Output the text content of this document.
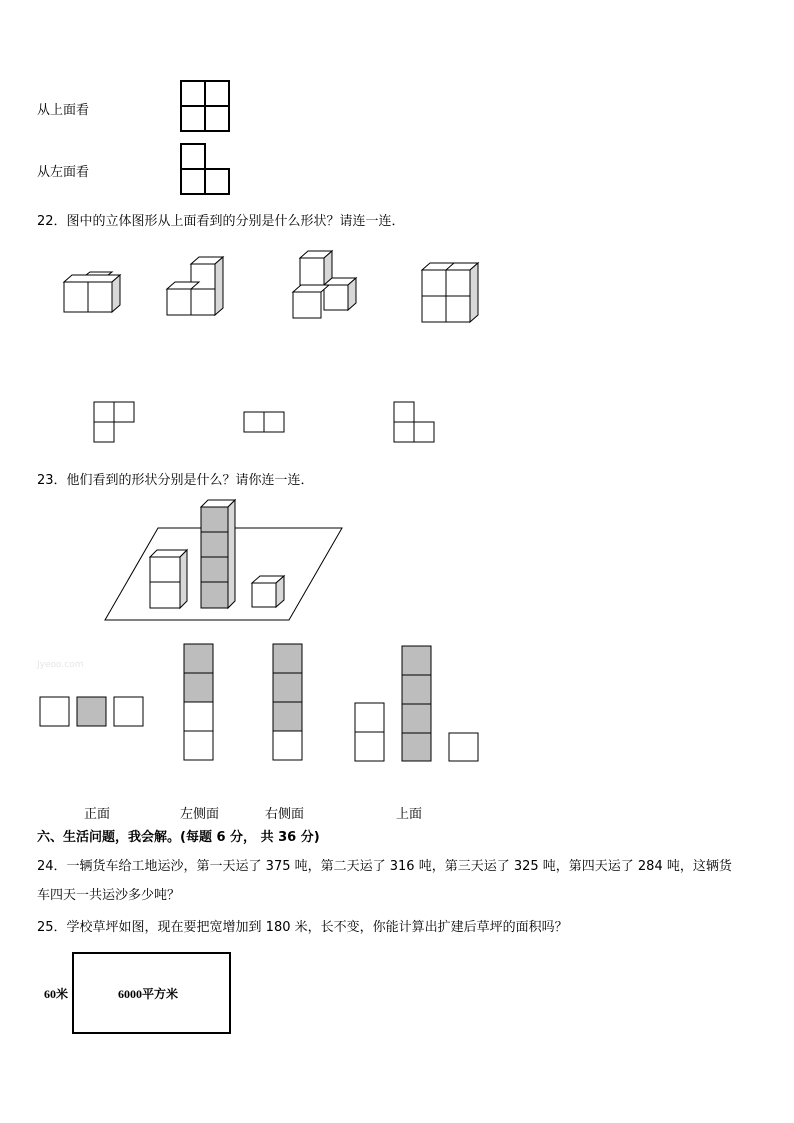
从上面看
从左面看
22．图中的立体图形从上面看到的分别是什么形状？请连一连．
23．他们看到的形状分别是什么？请你连一连．
Jyeoo.com
正面	左侧面	右侧面	上面
六、生活问题，我会解。(每题 6 分， 共 36 分)
24．一辆货车给工地运沙，第一天运了 375 吨，第二天运了 316 吨，第三天运了 325 吨，第四天运了 284 吨，这辆货
车四天一共运沙多少吨？
25．学校草坪如图，现在要把宽增加到 180 米，长不变，你能计算出扩建后草坪的面积吗？
60米	6000平方米
